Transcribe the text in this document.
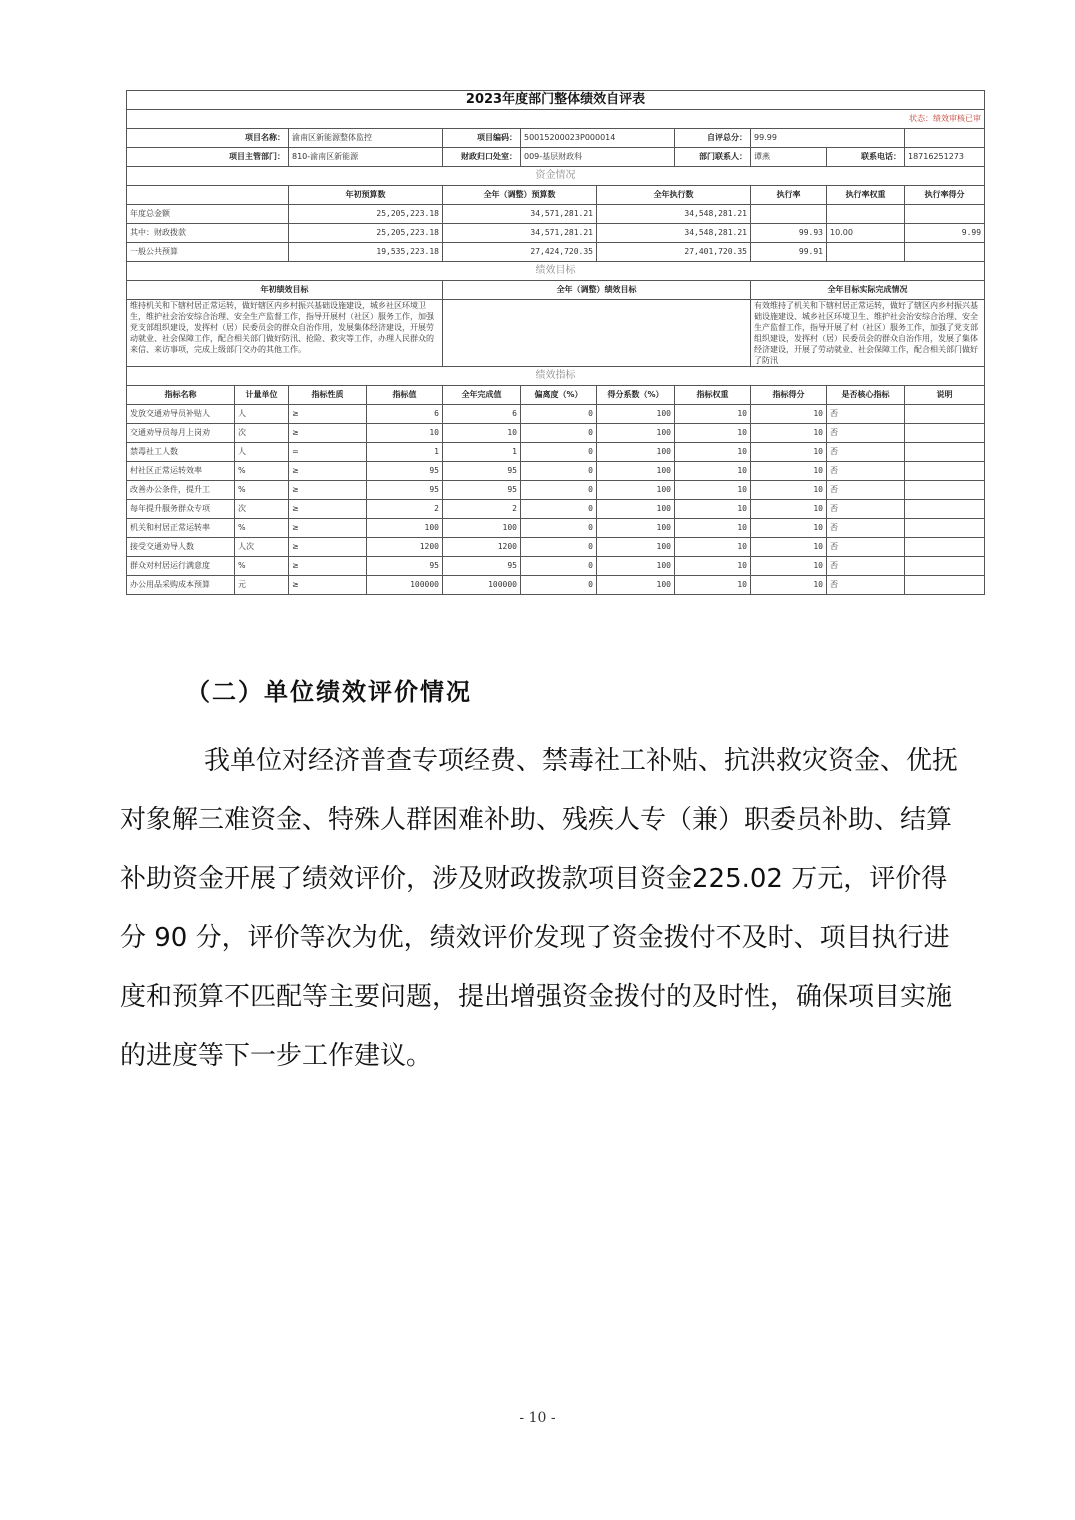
2023年度部门整体绩效自评表										
状态：绩效审核已审										
项目名称：		渝南区新能源整体监控		项目编码：	50015200023P000014		自评总分：	99.99		
项目主管部门：		810-渝南区新能源		财政归口处室：	009-基层财政科		部门联系人：	谭燕	联系电话：	18716251273
资金情况										
		年初预算数		全年（调整）预算数		全年执行数		执行率	执行率权重	执行率得分
年度总金额		25,205,223.18		34,571,281.21		34,548,281.21				
其中：财政拨款		25,205,223.18		34,571,281.21		34,548,281.21		99.93	10.00	9.99
一般公共预算		19,535,223.18		27,424,720.35		27,401,720.35		99.91		
绩效目标										
年初绩效目标				全年（调整）绩效目标				全年目标实际完成情况		
维持机关和下辖村居正常运转，做好辖区内乡村振兴基础设施建设，城乡社区环境卫生，维护社会治安综合治理、安全生产监督工作，指导开展村（社区）服务工作，加强党支部组织建设，发挥村（居）民委员会的群众自治作用，发展集体经济建设，开展劳动就业、社会保障工作，配合相关部门做好防汛、抢险、救灾等工作，办理人民群众的来信、来访事项，完成上级部门交办的其他工作。								有效维持了机关和下辖村居正常运转，做好了辖区内乡村振兴基础设施建设、城乡社区环境卫生、维护社会治安综合治理、安全生产监督工作，指导开展了村（社区）服务工作，加强了党支部组织建设，发挥村（居）民委员会的群众自治作用，发展了集体经济建设，开展了劳动就业、社会保障工作，配合相关部门做好了防汛		
绩效指标										
指标名称	计量单位	指标性质	指标值	全年完成值	偏离度（%）	得分系数（%）	指标权重	指标得分	是否核心指标	说明
发放交通劝导员补贴人	人	≥	6	6	0	100	10	10	否	
交通劝导员每月上岗劝	次	≥	10	10	0	100	10	10	否	
禁毒社工人数	人	=	1	1	0	100	10	10	否	
村社区正常运转效率	%	≥	95	95	0	100	10	10	否	
改善办公条件，提升工	%	≥	95	95	0	100	10	10	否	
每年提升服务群众专项	次	≥	2	2	0	100	10	10	否	
机关和村居正常运转率	%	≥	100	100	0	100	10	10	否	
接受交通劝导人数	人次	≥	1200	1200	0	100	10	10	否	
群众对村居运行满意度	%	≥	95	95	0	100	10	10	否	
办公用品采购成本预算	元	≥	100000	100000	0	100	10	10	否	
（二）单位绩效评价情况
我单位对经济普查专项经费、禁毒社工补贴、抗洪救灾资金、优抚对象解三难资金、特殊人群困难补助、残疾人专（兼）职委员补助、结算补助资金开展了绩效评价，涉及财政拨款项目资金225.02 万元，评价得分 90 分，评价等次为优，绩效评价发现了资金拨付不及时、项目执行进度和预算不匹配等主要问题，提出增强资金拨付的及时性，确保项目实施的进度等下一步工作建议。
- 10 -
